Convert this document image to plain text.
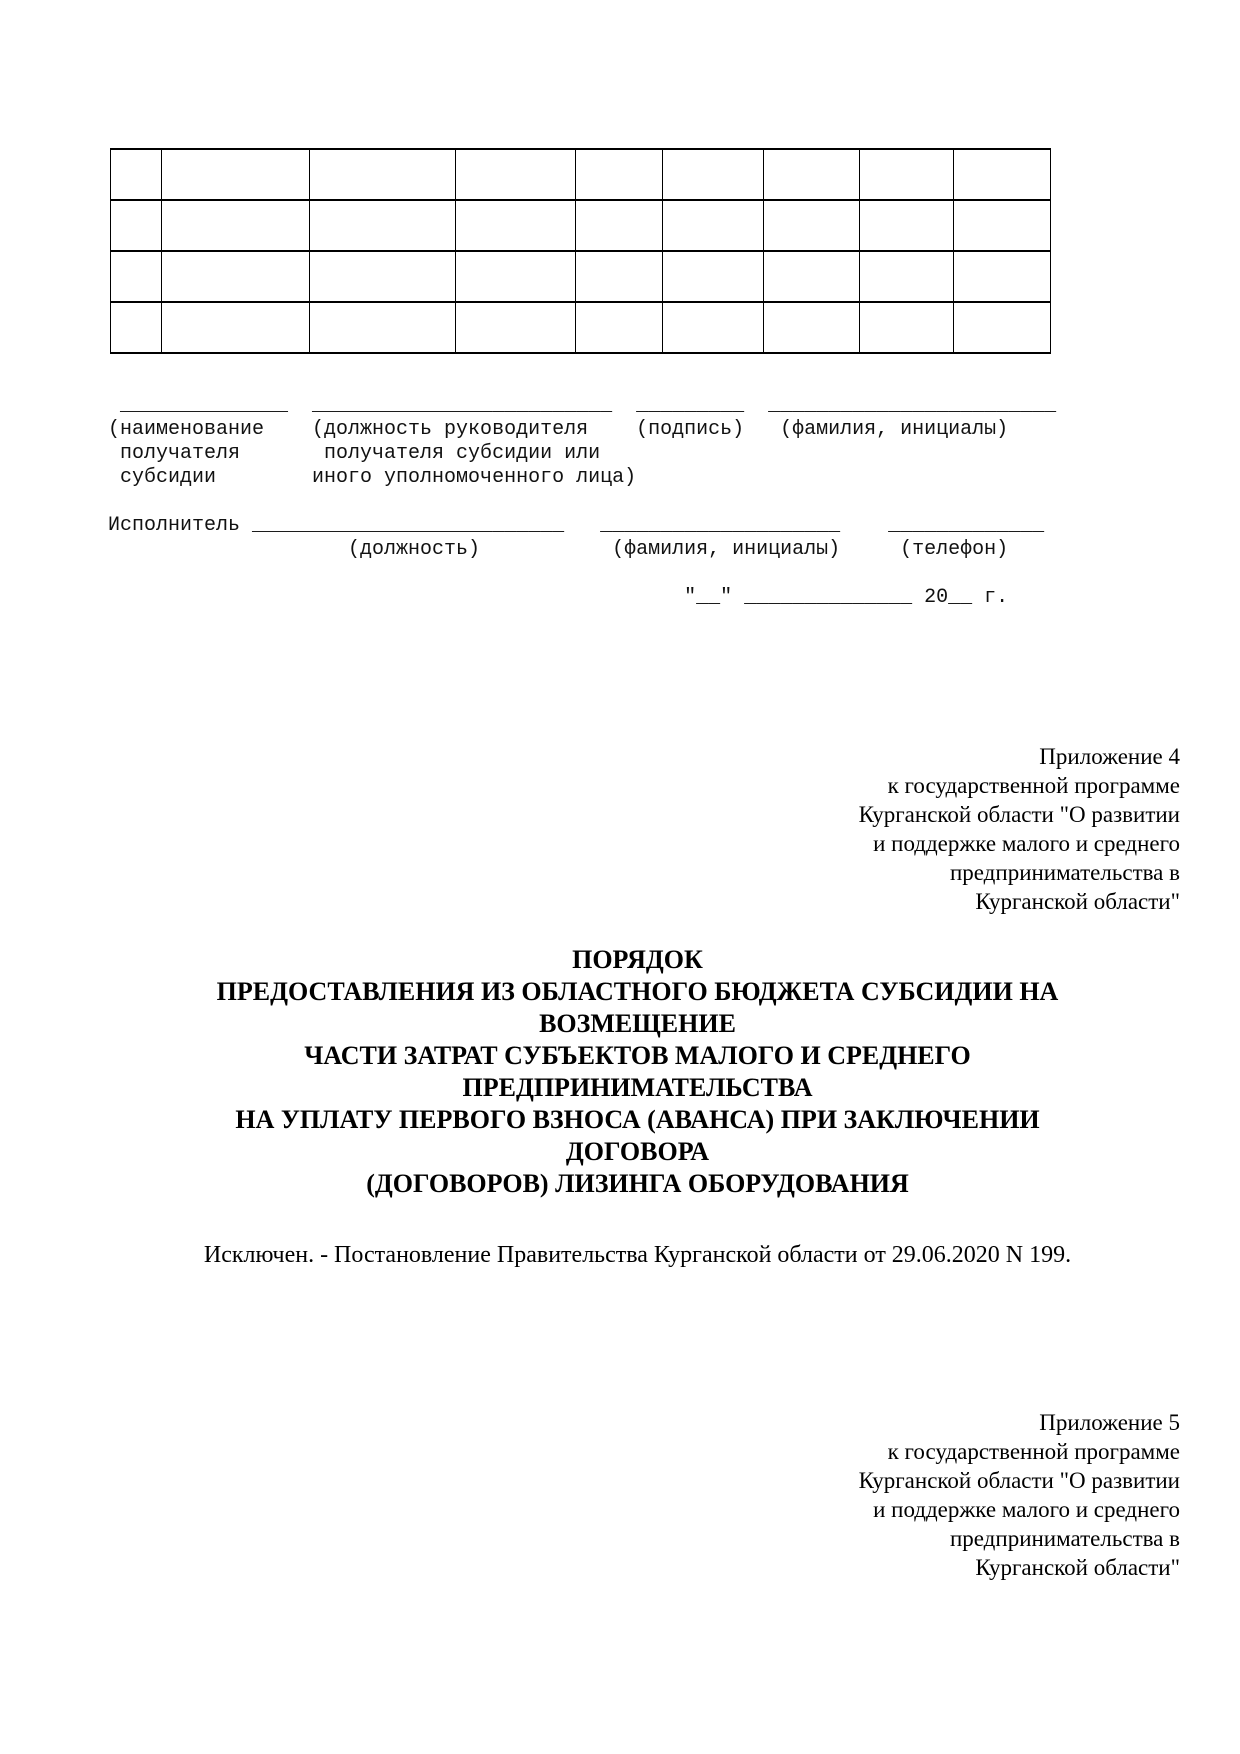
______________  _________________________  _________  ________________________
(наименование    (должность руководителя    (подпись)   (фамилия, инициалы)
получателя       получателя субсидии или
субсидии        иного уполномоченного лица)
Исполнитель __________________________   ____________________    _____________
(должность)           (фамилия, инициалы)     (телефон)
"__" ______________ 20__ г.
Приложение 4
к государственной программе
Курганской области "О развитии
и поддержке малого и среднего
предпринимательства в
Курганской области"
ПОРЯДОК
ПРЕДОСТАВЛЕНИЯ ИЗ ОБЛАСТНОГО БЮДЖЕТА СУБСИДИИ НА
ВОЗМЕЩЕНИЕ
ЧАСТИ ЗАТРАТ СУБЪЕКТОВ МАЛОГО И СРЕДНЕГО
ПРЕДПРИНИМАТЕЛЬСТВА
НА УПЛАТУ ПЕРВОГО ВЗНОСА (АВАНСА) ПРИ ЗАКЛЮЧЕНИИ
ДОГОВОРА
(ДОГОВОРОВ) ЛИЗИНГА ОБОРУДОВАНИЯ
Исключен. - Постановление Правительства Курганской области от 29.06.2020 N 199.
Приложение 5
к государственной программе
Курганской области "О развитии
и поддержке малого и среднего
предпринимательства в
Курганской области"
